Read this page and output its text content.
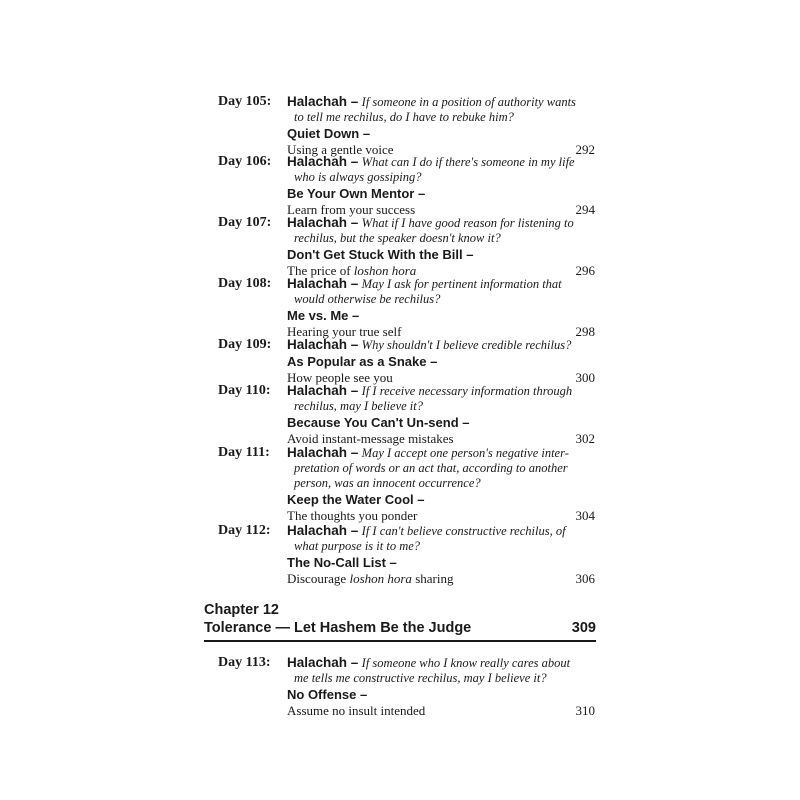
Day 105: Halachah – If someone in a position of authority wants
to tell me rechilus, do I have to rebuke him?
Quiet Down –
Using a gentle voice	292
Day 106: Halachah – What can I do if there's someone in my life
who is always gossiping?
Be Your Own Mentor –
Learn from your success	294
Day 107: Halachah – What if I have good reason for listening to
rechilus, but the speaker doesn't know it?
Don't Get Stuck With the Bill –
The price of loshon hora	296
Day 108: Halachah – May I ask for pertinent information that
would otherwise be rechilus?
Me vs. Me –
Hearing your true self	298
Day 109: Halachah – Why shouldn't I believe credible rechilus?
As Popular as a Snake –
How people see you	300
Day 110: Halachah – If I receive necessary information through
rechilus, may I believe it?
Because You Can't Un-send –
Avoid instant-message mistakes	302
Day 111: Halachah – May I accept one person's negative inter-
pretation of words or an act that, according to another
person, was an innocent occurrence?
Keep the Water Cool –
The thoughts you ponder	304
Day 112: Halachah – If I can't believe constructive rechilus, of
what purpose is it to me?
The No-Call List –
Discourage loshon hora sharing	306
Chapter 12
Tolerance — Let Hashem Be the Judge	309
Day 113: Halachah – If someone who I know really cares about
me tells me constructive rechilus, may I believe it?
No Offense –
Assume no insult intended	310
